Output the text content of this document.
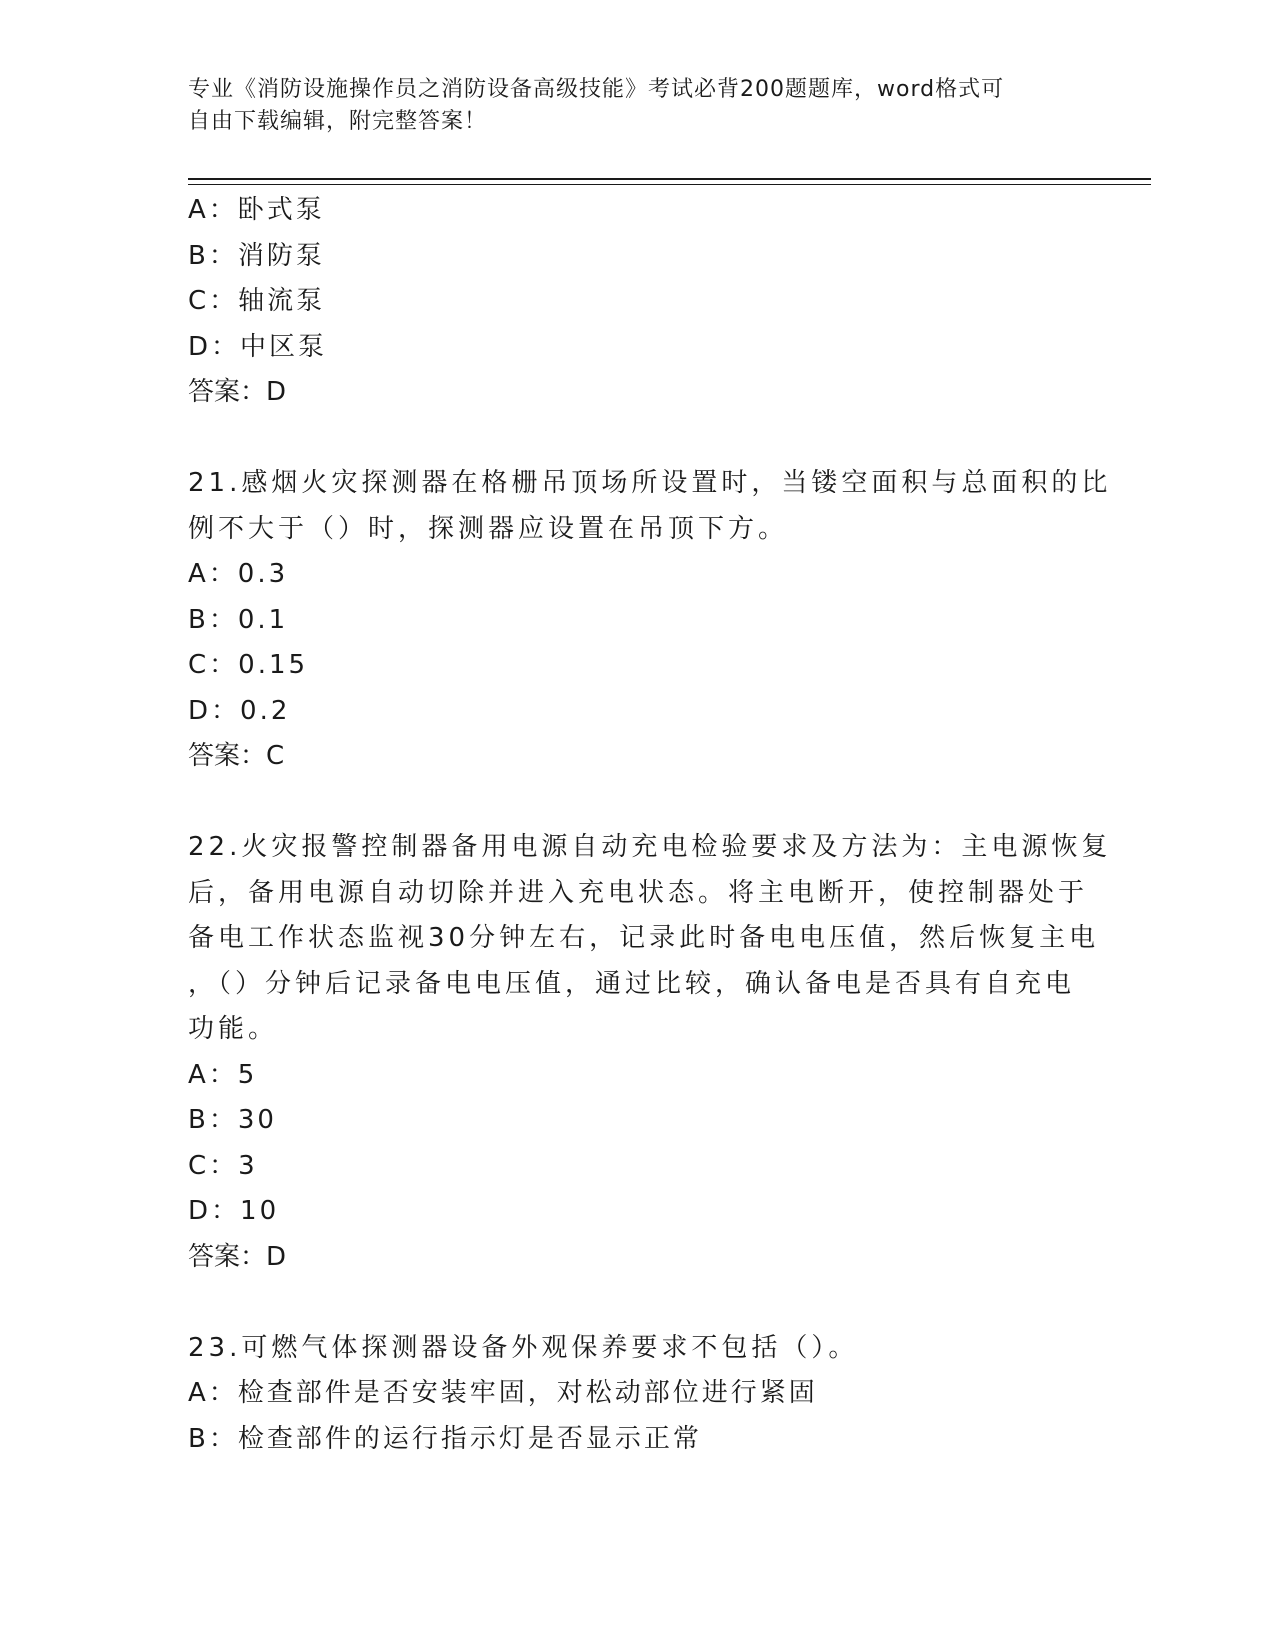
专业《消防设施操作员之消防设备高级技能》考试必背200题题库，word格式可
自由下载编辑，附完整答案！
A：卧式泵
B：消防泵
C：轴流泵
D：中区泵
答案：D
21.感烟火灾探测器在格栅吊顶场所设置时，当镂空面积与总面积的比
例不大于（）时，探测器应设置在吊顶下方。
A：0.3
B：0.1
C：0.15
D：0.2
答案：C
22.火灾报警控制器备用电源自动充电检验要求及方法为：主电源恢复
后，备用电源自动切除并进入充电状态。将主电断开，使控制器处于
备电工作状态监视30分钟左右，记录此时备电电压值，然后恢复主电
，（）分钟后记录备电电压值，通过比较，确认备电是否具有自充电
功能。
A：5
B：30
C：3
D：10
答案：D
23.可燃气体探测器设备外观保养要求不包括（）。
A：检查部件是否安装牢固，对松动部位进行紧固
B：检查部件的运行指示灯是否显示正常
